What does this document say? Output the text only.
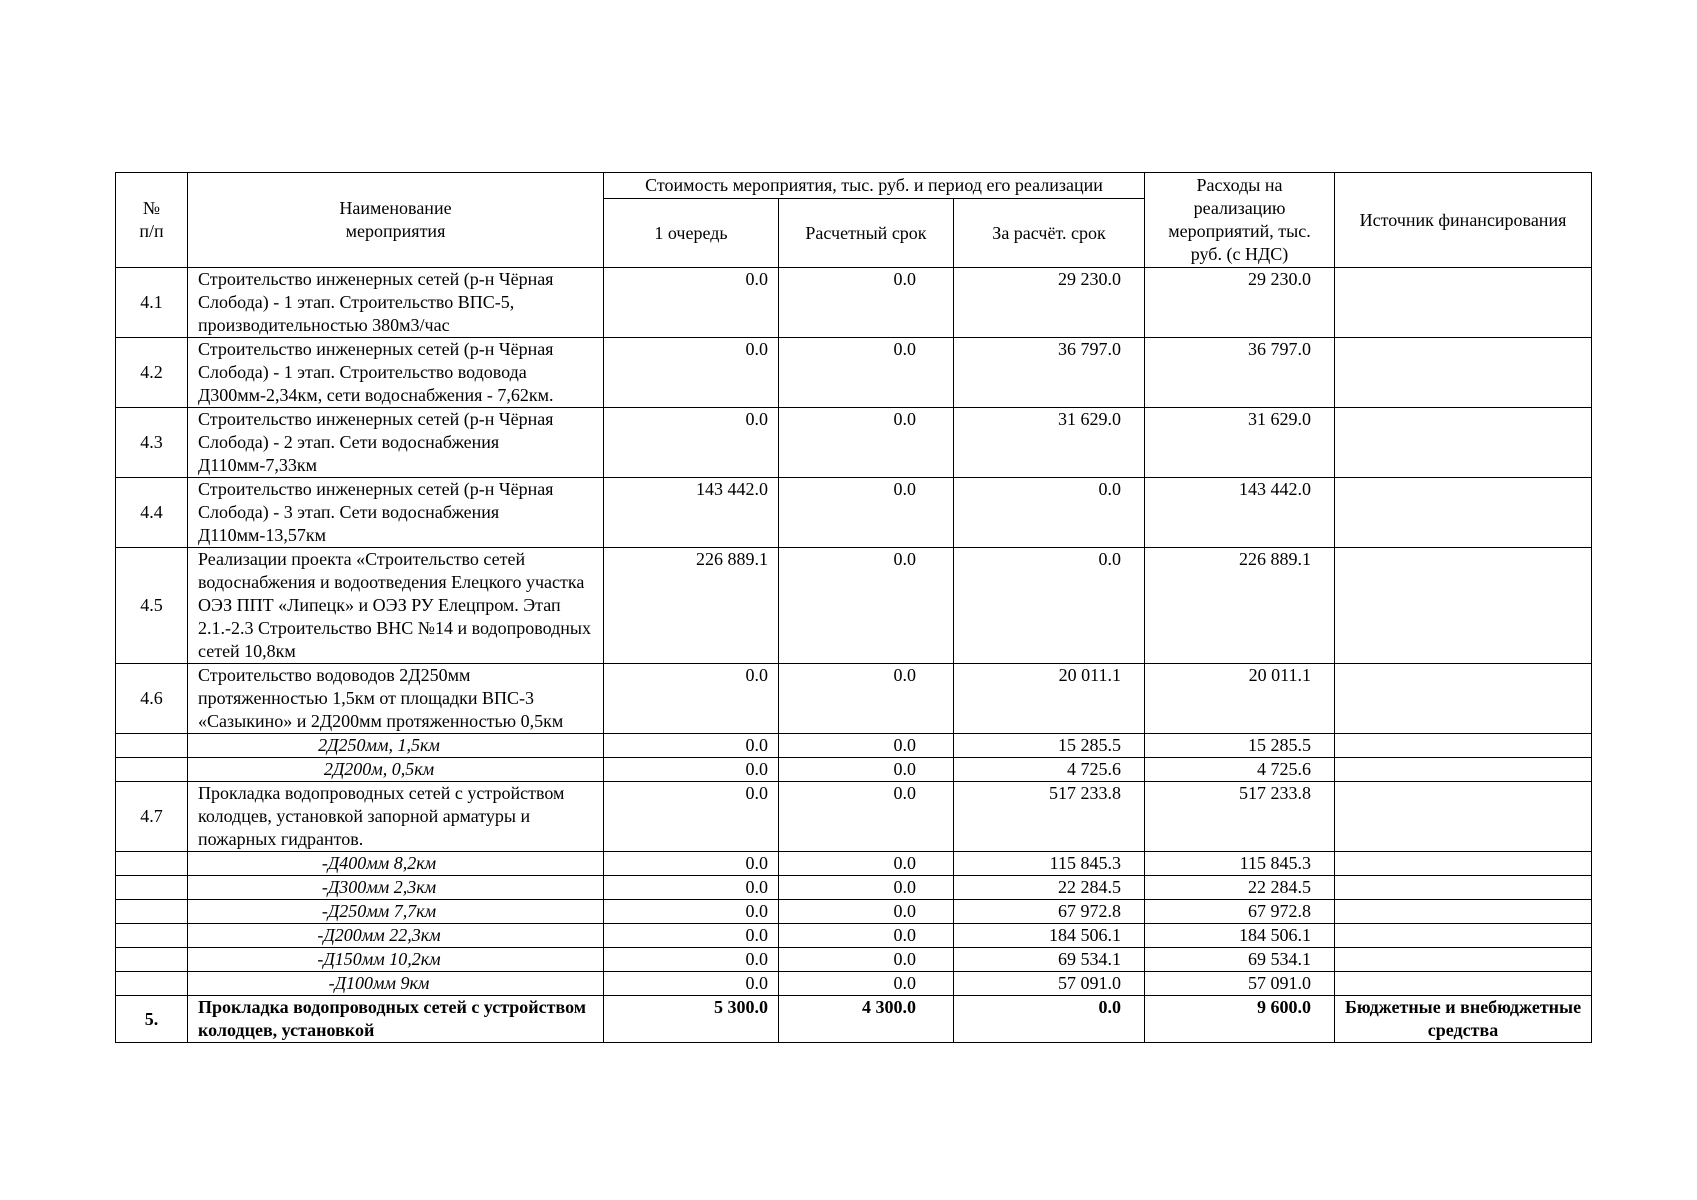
№
п/п	Наименование
мероприятия	Стоимость мероприятия, тыс. руб. и период его реализации			Расходы на реализацию мероприятий, тыс. руб. (с НДС)	Источник финансирования
		1 очередь	Расчетный срок	За расчёт. срок		
4.1	Строительство инженерных сетей (р-н Чёрная Слобода) - 1 этап. Строительство ВПС-5, производительностью 380м3/час	0.0	0.0	29 230.0	29 230.0	
4.2	Строительство инженерных сетей (р-н Чёрная Слобода) - 1 этап. Строительство водовода Д300мм-2,34км, сети водоснабжения - 7,62км.	0.0	0.0	36 797.0	36 797.0	
4.3	Строительство инженерных сетей (р-н Чёрная Слобода) - 2 этап. Сети водоснабжения Д110мм-7,33км	0.0	0.0	31 629.0	31 629.0	
4.4	Строительство инженерных сетей (р-н Чёрная Слобода) - 3 этап. Сети водоснабжения Д110мм-13,57км	143 442.0	0.0	0.0	143 442.0	
4.5	Реализации проекта «Строительство сетей водоснабжения и водоотведения Елецкого участка ОЭЗ ППТ «Липецк» и ОЭЗ РУ Елецпром. Этап 2.1.-2.3 Строительство ВНС №14 и водопроводных сетей 10,8км	226 889.1	0.0	0.0	226 889.1	
4.6	Строительство водоводов 2Д250мм протяженностью 1,5км от площадки ВПС-3 «Сазыкино» и 2Д200мм протяженностью 0,5км	0.0	0.0	20 011.1	20 011.1	
	2Д250мм, 1,5км	0.0	0.0	15 285.5	15 285.5	
	2Д200м, 0,5км	0.0	0.0	4 725.6	4 725.6	
4.7	Прокладка водопроводных сетей с устройством колодцев, установкой запорной арматуры и пожарных гидрантов.	0.0	0.0	517 233.8	517 233.8	
	-Д400мм 8,2км	0.0	0.0	115 845.3	115 845.3	
	-Д300мм 2,3км	0.0	0.0	22 284.5	22 284.5	
	-Д250мм 7,7км	0.0	0.0	67 972.8	67 972.8	
	-Д200мм 22,3км	0.0	0.0	184 506.1	184 506.1	
	-Д150мм 10,2км	0.0	0.0	69 534.1	69 534.1	
	-Д100мм 9км	0.0	0.0	57 091.0	57 091.0	
5.	Прокладка водопроводных сетей с устройством колодцев, установкой	5 300.0	4 300.0	0.0	9 600.0	Бюджетные и внебюджетные средства
